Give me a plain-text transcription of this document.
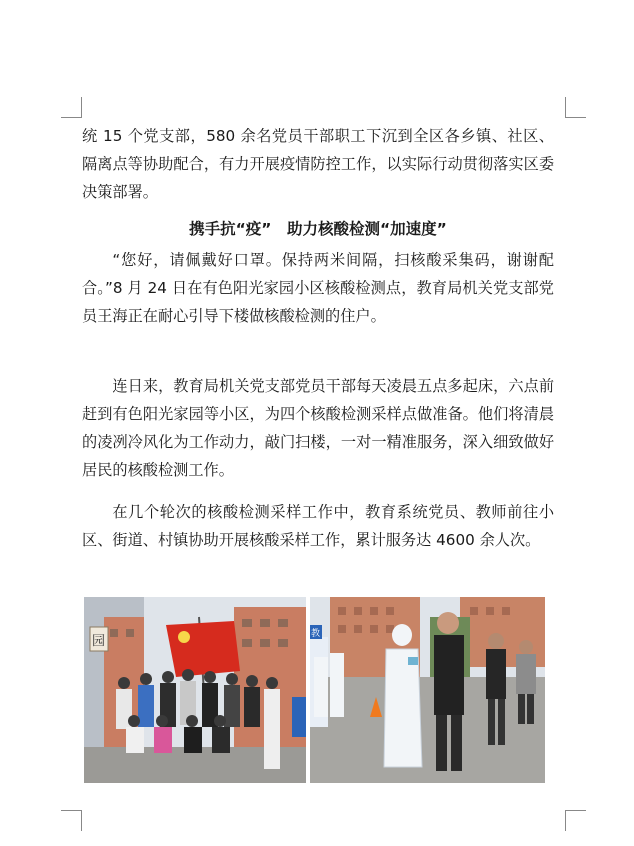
统 15 个党支部，580 余名党员干部职工下沉到全区各乡镇、社区、隔离点等协助配合，有力开展疫情防控工作，以实际行动贯彻落实区委决策部署。

携手抗“疫”　助力核酸检测“加速度”

“您好，请佩戴好口罩。保持两米间隔，扫核酸采集码，谢谢配合。”8 月 24 日在有色阳光家园小区核酸检测点，教育局机关党支部党员王海正在耐心引导下楼做核酸检测的住户。

连日来，教育局机关党支部党员干部每天凌晨五点多起床，六点前赶到有色阳光家园等小区，为四个核酸检测采样点做准备。他们将清晨的凌冽冷风化为工作动力，敲门扫楼，一对一精准服务，深入细致做好居民的核酸检测工作。

在几个轮次的核酸检测采样工作中，教育系统党员、教师前往小区、街道、村镇协助开展核酸采样工作，累计服务达 4600 余人次。

园	教
